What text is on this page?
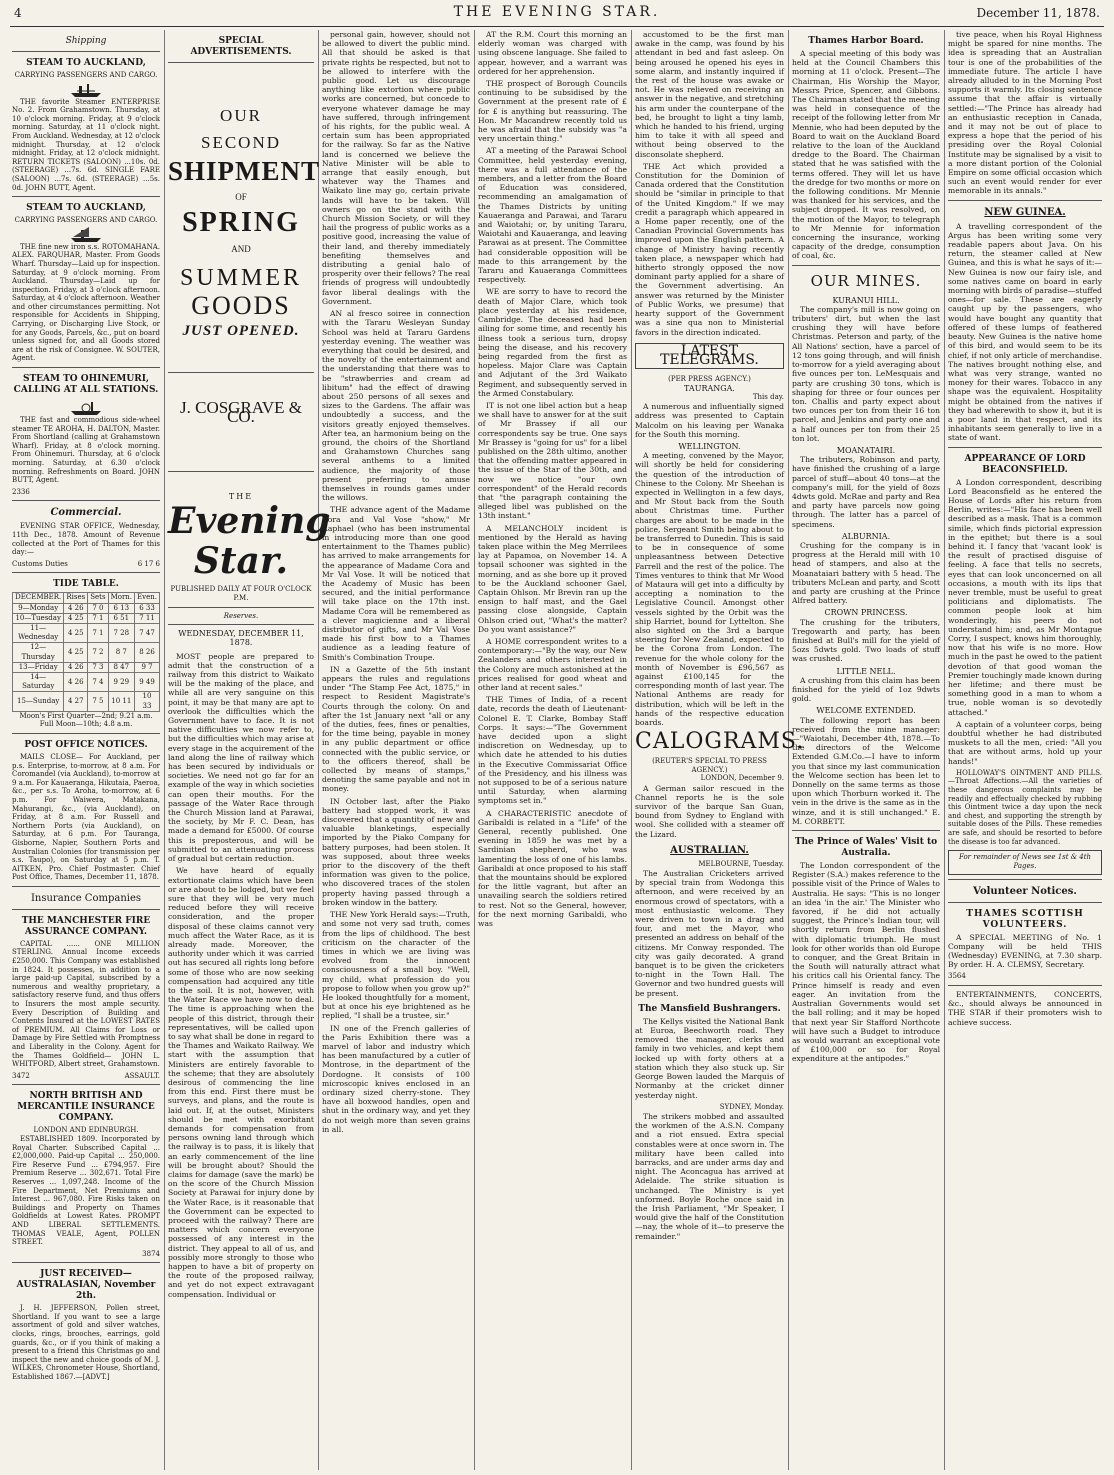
4	THE EVENING STAR.	December 11, 1878.
Shipping
STEAM TO AUCKLAND,
CARRYING PASSENGERS AND CARGO.

THE favorite Steamer ENTERPRISE No. 2. From Grahamstown. Thursday, at 10 o'clock morning. Friday, at 9 o'clock morning. Saturday, at 11 o'clock night. From Auckland. Wednesday, at 12 o'clock midnight. Thursday, at 12 o'clock midnight. Friday, at 12 o'clock midnight. RETURN TICKETS (SALOON) ...10s. 0d. (STEERAGE) ...7s. 6d. SINGLE FARE (SALOON) ...7s. 6d. (STEERAGE) ...5s. 0d. JOHN BUTT, Agent.

STEAM TO AUCKLAND,
CARRYING PASSENGERS AND CARGO.

THE fine new iron s.s. ROTOMAHANA. ALEX. FARQUHAR, Master. From Goods Wharf. Thursday—Laid up for inspection. Saturday, at 9 o'clock morning. From Auckland. Thursday—Laid up for inspection. Friday, at 3 o'clock afternoon. Saturday, at 4 o'clock afternoon. Weather and other circumstances permitting. Not responsible for Accidents in Shipping, Carrying, or Discharging Live Stock, or for any Goods, Parcels, &c., put on board unless signed for, and all Goods stored are at the risk of Consignee. W. SOUTER, Agent.

STEAM TO OHINEMURI, CALLING AT ALL STATIONS.

THE fast and commodious side-wheel steamer TE AROHA, H. DALTON, Master. From Shortland (calling at Grahamstown Wharf). Friday, at 8 o'clock morning. From Ohinemuri. Thursday, at 6 o'clock morning. Saturday, at 6.30 o'clock morning. Refreshments on Board. JOHN BUTT, Agent.

2336
Commercial.

EVENING STAR OFFICE, Wednesday, 11th Dec., 1878. Amount of Revenue collected at the Port of Thames for this day:—

Customs Duties	6 17 6
TIDE TABLE.
DECEMBER.	Rises	Sets	Morn.	Even.
9—Monday	4 26	7 0	6 13	6 33
10—Tuesday	4 25	7 1	6 51	7 11
11—Wednesday	4 25	7 1	7 28	7 47
12—Thursday	4 25	7 2	8 7	8 26
13—Friday	4 26	7 3	8 47	9 7
14—Saturday	4 26	7 4	9 29	9 49
15—Sunday	4 27	7 5	10 11	10 33
Moon's First Quarter—2nd; 9.21 a.m. Full Moon—10th; 4.8 a.m.
POST OFFICE NOTICES.

MAILS CLOSE— For Auckland, per p.s. Enterprise, to-morrow, at 8 a.m. For Coromandel (via Auckland), to-morrow at 9 a.m. For Kauaeranga, Hikutaia, Paeroa, &c., per s.s. To Aroha, to-morrow, at 6 p.m. For Waiwera, Matakana, Mahurangi, &c., (via Auckland), on Friday, at 8 a.m. For Russell and Northern Ports (via Auckland), on Saturday, at 6 p.m. For Tauranga, Gisborne, Napier, Southern Ports and Australian Colonies (for transmission per s.s. Taupo), on Saturday at 5 p.m. T. AITKEN, Pro. Chief Postmaster. Chief Post Office, Thames, December 11, 1878.

Insurance Companies
THE MANCHESTER FIRE ASSURANCE COMPANY.

CAPITAL ...... ONE MILLION STERLING. Annual Income exceeds £250,000. This Company was established in 1824. It possesses, in addition to a large paid-up Capital, subscribed by a numerous and wealthy proprietary, a satisfactory reserve fund, and thus offers to Insurers the most ample security. Every Description of Building and Contents Insured at the LOWEST RATES of PREMIUM. All Claims for Loss or Damage by Fire Settled with Promptness and Liberality in the Colony. Agent for the Thames Goldfield— JOHN L. WHITFORD, Albert street, Grahamstown.

3472	ASSAULT.
NORTH BRITISH AND MERCANTILE INSURANCE COMPANY.
LONDON AND EDINBURGH.

ESTABLISHED 1809. Incorporated by Royal Charter. Subscribed Capital ... £2,000,000. Paid-up Capital ... 250,000. Fire Reserve Fund ... £794,957. Fire Premium Reserve ... 302,671. Total Fire Reserves ... 1,097,248. Income of the Fire Department, Net Premiums and Interest ... 967,080. Fire Risks taken on Buildings and Property on Thames Goldfields at Lowest Rates. PROMPT AND LIBERAL SETTLEMENTS. THOMAS VEALE, Agent, POLLEN STREET.

3874
JUST RECEIVED— AUSTRALASIAN, November 2th.

J. H. JEFFERSON, Pollen street, Shortland. If you want to see a large assortment of gold and silver watches, clocks, rings, brooches, earrings, gold guards, &c., or if you think of making a present to a friend this Christmas go and inspect the new and choice goods of M. J. WILKES, Chronometer House, Shortland, Established 1867.—[ADVT.]

SPECIAL ADVERTISEMENTS.
OUR
SECOND
SHIPMENT
OF
SPRING
AND
SUMMER
GOODS
JUST OPENED.
J. COSGRAVE & CO.
THE
Evening Star.
PUBLISHED DAILY AT FOUR O'CLOCK P.M.
Reserves.
WEDNESDAY, DECEMBER 11, 1878.

MOST people are prepared to admit that the construction of a railway from this district to Waikato will be the making of the place, and while all are very sanguine on this point, it may be that many are apt to overlook the difficulties which the Government have to face. It is not native difficulties we now refer to, but the difficulties which may arise at every stage in the acquirement of the land along the line of railway which has been secured by individuals or societies. We need not go far for an example of the way in which societies can open their mouths. For the passage of the Water Race through the Church Mission land at Parawai, the society, by Mr F. C. Dean, has made a demand for £5000. Of course this is preposterous, and will be submitted to an attenuating process of gradual but certain reduction.

We have heard of equally extortionate claims which have been or are about to be lodged, but we feel sure that they will be very much reduced before they will receive consideration, and the proper disposal of these claims cannot very much affect the Water Race, as it is already made. Moreover, the authority under which it was carried out has secured all rights long before some of those who are now seeking compensation had acquired any title to the soil. It is not, however, with the Water Race we have now to deal. The time is approaching when the people of this district, through their representatives, will be called upon to say what shall be done in regard to the Thames and Waikato Railway. We start with the assumption that Ministers are entirely favorable to the scheme; that they are absolutely desirous of commencing the line from this end. First there must be surveys, and plans, and the route is laid out. If, at the outset, Ministers should be met with exorbitant demands for compensation from persons owning land through which the railway is to pass, it is likely that an early commencement of the line will be brought about? Should the claims for damage (save the mark) be on the score of the Church Mission Society at Parawai for injury done by the Water Race, is it reasonable that the Government can be expected to proceed with the railway? There are matters which concern everyone possessed of any interest in the district. They appeal to all of us, and possibly more strongly to those who happen to have a bit of property on the route of the proposed railway, and yet do not expect extravagant compensation. Individual or

personal gain, however, should not be allowed to divert the public mind. All that should be asked is that private rights be respected, but not to be allowed to interfere with the public good. Let us discourage anything like extortion where public works are concerned, but concede to everyone whatever damage he may have suffered, through infringement of his rights, for the public weal. A certain sum has been appropriated for the railway. So far as the Native land is concerned we believe the Native Minister will be able to arrange that easily enough, but whatever way the Thames and Waikato line may go, certain private lands will have to be taken. Will owners go on the stand with the Church Mission Society, or will they hail the progress of public works as a positive good, increasing the value of their land, and thereby immediately benefiting themselves and distributing a genial halo of prosperity over their fellows? The real friends of progress will undoubtedly favor liberal dealings with the Government.

AN al fresco soiree in connection with the Tararu Wesleyan Sunday School was held at Tararu Gardens yesterday evening. The weather was everything that could be desired, and the novelty of the entertainment and the understanding that there was to be "strawberries and cream ad libitum" had the effect of drawing about 250 persons of all sexes and sizes to the Gardens. The affair was undoubtedly a success, and the visitors greatly enjoyed themselves. After tea, an harmonium being on the ground, the choirs of the Shortland and Grahamstown Churches sang several anthems to a limited audience, the majority of those present preferring to amuse themselves in rounds games under the willows.

THE advance agent of the Madame Cora and Val Vose "show," Mr Raphael (who has been instrumental in introducing more than one good entertainment to the Thames public) has arrived to make arrangements for the appearance of Madame Cora and Mr Val Vose. It will be noticed that the Academy of Music has been secured, and the initial performance will take place on the 17th inst. Madame Cora will be remembered as a clever magicienne and a liberal distributor of gifts, and Mr Val Vose made his first bow to a Thames audience as a leading feature of Smith's Combination Troupe.

IN a Gazette of the 5th instant appears the rules and regulations under "The Stamp Fee Act, 1875," in respect to Resident Magistrate's Courts through the colony. On and after the 1st January next "all or any of the duties, fees, fines or penalties, for the time being, payable in money in any public department or office connected with the public service, or to the officers thereof, shall be collected by means of stamps," denoting the same payable and not in money.

IN October last, after the Piako battery had stopped work, it was discovered that a quantity of new and valuable blanketings, especially imported by the Piako Company for battery purposes, had been stolen. It was supposed, about three weeks prior to the discovery of the theft information was given to the police, who discovered traces of the stolen property having passed through a broken window in the battery.

THE New York Herald says:—Truth, and some not very sad truth, comes from the lips of childhood. The best criticism on the character of the times in which we are living was evolved from the innocent consciousness of a small boy. "Well, my child, what profession do you propose to follow when you grow up?" He looked thoughtfully for a moment, but at once his eye brightened as he replied, "I shall be a trustee, sir."

IN one of the French galleries of the Paris Exhibition there was a marvel of labor and industry which has been manufactured by a cutler of Montrose, in the department of the Dordogne. It consists of 100 microscopic knives enclosed in an ordinary sized cherry-stone. They have all boxwood handles, open and shut in the ordinary way, and yet they do not weigh more than seven grains in all.

AT the R.M. Court this morning an elderly woman was charged with using obscene language. She failed to appear, however, and a warrant was ordered for her apprehension.

THE prospect of Borough Councils continuing to be subsidised by the Government at the present rate of £ for £ is anything but reassuring. The Hon. Mr Macandrew recently told us he was afraid that the subsidy was "a very uncertain thing."

AT a meeting of the Parawai School Committee, held yesterday evening, there was a full attendance of the members, and a letter from the Board of Education was considered, recommending an amalgamation of the Thames Districts by uniting Kauaeranga and Parawai, and Tararu and Waiotahi; or, by uniting Tararu, Waiotahi and Kauaeranga, and leaving Parawai as at present. The Committee had considerable opposition will be made to this arrangement by the Tararu and Kauaeranga Committees respectively.

WE are sorry to have to record the death of Major Clare, which took place yesterday at his residence, Cambridge. The deceased had been ailing for some time, and recently his illness took a serious turn, dropsy being the disease, and his recovery being regarded from the first as hopeless. Major Clare was Captain and Adjutant of the 3rd Waikato Regiment, and subsequently served in the Armed Constabulary.

IT is not one libel action but a heap we shall have to answer for at the suit of Mr Brassey if all our correspondents say be true. One says Mr Brassey is "going for us" for a libel published on the 28th ultimo, another that the offending matter appeared in the issue of the Star of the 30th, and now we notice "our own correspondent" of the Herald records that "the paragraph containing the alleged libel was published on the 13th instant."

A MELANCHOLY incident is mentioned by the Herald as having taken place within the Meg Merrilees lay at Papamoa, on November 14. A topsail schooner was sighted in the morning, and as she bore up it proved to be the Auckland schooner Gael, Captain Ohlson. Mr Brevin ran up the ensign to half mast, and the Gael passing close alongside, Captain Ohlson cried out, "What's the matter? Do you want assistance?"

A HOME correspondent writes to a contemporary:—"By the way, our New Zealanders and others interested in the Colony are much astonished at the prices realised for good wheat and other land at recent sales."

THE Times of India, of a recent date, records the death of Lieutenant-Colonel E. T. Clarke, Bombay Staff Corps. It says:—"The Government have decided upon a slight indiscretion on Wednesday, up to which date he attended to his duties in the Executive Commissariat Office of the Presidency, and his illness was not supposed to be of a serious nature until Saturday, when alarming symptoms set in."

A CHARACTERISTIC anecdote of Garibaldi is related in a "Life" of the General, recently published. One evening in 1859 he was met by a Sardinian shepherd, who was lamenting the loss of one of his lambs. Garibaldi at once proposed to his staff that the mountains should be explored for the little vagrant, but after an unavailing search the soldiers retired to rest. Not so the General, however, for the next morning Garibaldi, who was

accustomed to be the first man awake in the camp, was found by his attendant in bed and fast asleep. On being aroused he opened his eyes in some alarm, and instantly inquired if the rest of the house was awake or not. He was relieved on receiving an answer in the negative, and stretching his arm under the counterpane of the bed, he brought to light a tiny lamb, which he handed to his friend, urging him to take it with all speed and without being observed to the disconsolate shepherd.

THE Act which provided a Constitution for the Dominion of Canada ordered that the Constitution should be "similar in principle to that of the United Kingdom." If we may credit a paragraph which appeared in a Home paper recently, one of the Canadian Provincial Governments has improved upon the English pattern. A change of Ministry having recently taken place, a newspaper which had hitherto strongly opposed the now dominant party applied for a share of the Government advertising. An answer was returned by the Minister of Public Works, we presume) that hearty support of the Government was a sine qua non to Ministerial favors in the direction indicated.

LATEST TELEGRAMS.
(PER PRESS AGENCY.)
TAURANGA.
This day.

A numerous and influentially signed address was presented to Captain Malcolm on his leaving per Wanaka for the South this morning.

WELLINGTON.

A meeting, convened by the Mayor, will shortly be held for considering the question of the introduction of Chinese to the Colony. Mr Sheehan is expected in Wellington in a few days, and Mr Stout back from the South about Christmas time. Further charges are about to be made in the police, Sergeant Smith being about to be transferred to Dunedin. This is said to be in consequence of some unpleasantness between Detective Farrell and the rest of the police. The Times ventures to think that Mr Wood of Mataura will get into a difficulty by accepting a nomination to the Legislative Council. Amongst other vessels sighted by the Orbit was the ship Harriet, bound for Lyttelton. She also sighted on the 3rd a barque steering for New Zealand, expected to be the Corona from London. The revenue for the whole colony for the month of November is £96,567 as against £100,145 for the corresponding month of last year. The National Anthems are ready for distribution, which will be left in the hands of the respective education boards.

CALOGRAMS.
(REUTER'S SPECIAL TO PRESS AGENCY.)
LONDON, December 9.

A German sailor rescued in the Channel reports he is the sole survivor of the barque San Guan, bound from Sydney to England with wool. She collided with a steamer off the Lizard.

AUSTRALIAN.
MELBOURNE, Tuesday.

The Australian Cricketers arrived by special train from Wodonga this afternoon, and were received by an enormous crowd of spectators, with a most enthusiastic welcome. They were driven to town in a drag and four, and met the Mayor, who presented an address on behalf of the citizens. Mr Conway responded. The city was gaily decorated. A grand banquet is to be given the cricketers to-night in the Town Hall. The Governor and two hundred guests will be present.

The Mansfield Bushrangers.

The Kellys visited the National Bank at Euroa, Beechworth road. They removed the manager, clerks and family in two vehicles, and kept them locked up with forty others at a station which they also stuck up. Sir George Bowen lauded the Marquis of Normanby at the cricket dinner yesterday night.

SYDNEY, Monday.

The strikers mobbed and assaulted the workmen of the A.S.N. Company and a riot ensued. Extra special constables were at once sworn in. The military have been called into barracks, and are under arms day and night. The Aconcagua has arrived at Adelaide. The strike situation is unchanged. The Ministry is yet unformed. Boyle Roche once said in the Irish Parliament, "Mr Speaker, I would give the half of the Constitution—nay, the whole of it—to preserve the remainder."

Thames Harbor Board.

A special meeting of this body was held at the Council Chambers this morning at 11 o'clock. Present—The Chairman, His Worship the Mayor, Messrs Price, Spencer, and Gibbons. The Chairman stated that the meeting was held in consequence of the receipt of the following letter from Mr Mennie, who had been deputed by the Board to wait on the Auckland Board relative to the loan of the Auckland dredge to the Board. The Chairman stated that he was satisfied with the terms offered. They will let us have the dredge for two months or more on the following conditions. Mr Mennie was thanked for his services, and the subject dropped. It was resolved, on the motion of the Mayor, to telegraph to Mr Mennie for information concerning the insurance, working capacity of the dredge, consumption of coal, &c.

OUR MINES.
KURANUI HILL.

The company's mill is now going on tributers' dirt, but when the last crushing they will have before Christmas. Peterson and party, of the All Nations' section, have a parcel of 12 tons going through, and will finish to-morrow for a yield averaging about five ounces per ton. LeMesquais and party are crushing 30 tons, which is shaping for three or four ounces per ton. Challis and party expect about two ounces per ton from their 16 ton parcel, and Jenkins and party one and a half ounces per ton from their 25 ton lot.

MOANATAIRI.

The tributers, Robinson and party, have finished the crushing of a large parcel of stuff—about 40 tons—at the company's mill, for the yield of 8ozs 4dwts gold. McRae and party and Rea and party have parcels now going through. The latter has a parcel of specimens.

ALBURNIA.

Crushing for the company is in progress at the Herald mill with 10 head of stampers, and also at the Moanataiari battery with 5 head. The tributers McLean and party, and Scott and party are crushing at the Prince Alfred battery.

CROWN PRINCESS.

The crushing for the tributers, Tregowarth and party, has been finished at Bull's mill for the yield of 5ozs 5dwts gold. Two loads of stuff was crushed.

LITTLE NELL.

A crushing from this claim has been finished for the yield of 1oz 9dwts gold.

WELCOME EXTENDED.

The following report has been received from the mine manager:—"Waiotahi, December 4th, 1878.—To the directors of the Welcome Extended G.M.Co.—I have to inform you that since my last communication the Welcome section has been let to Donnelly on the same terms as those upon which Thorburn worked it. The vein in the drive is the same as in the winze, and it is still unchanged." E. M. CORBETT.

The Prince of Wales' Visit to Australia.

The London correspondent of the Register (S.A.) makes reference to the possible visit of the Prince of Wales to Australia. He says: "This is no longer an idea 'in the air.' The Minister who favored, if he did not actually suggest, the Prince's Indian tour, will shortly return from Berlin flushed with diplomatic triumph. He must look for other worlds than old Europe to conquer, and the Great Britain in the South will naturally attract what his critics call his Oriental fancy. The Prince himself is ready and even eager. An invitation from the Australian Governments would set the ball rolling; and it may be hoped that next year Sir Stafford Northcote will have such a Budget to introduce as would warrant an exceptional vote of £100,000 or so for Royal expenditure at the antipodes."

tive peace, when his Royal Highness might be spared for nine months. The idea is spreading that an Australian tour is one of the probabilities of the immediate future. The article I have already alluded to in the Morning Post supports it warmly. Its closing sentence assume that the affair is virtually settled:—"The Prince has already had an enthusiastic reception in Canada, and it may not be out of place to express a hope that the period of his presiding over the Royal Colonial Institute may be signalised by a visit to a more distant portion of the Colonial Empire on some official occasion which such an event would render for ever memorable in its annals."

NEW GUINEA.

A travelling correspondent of the Argus has been writing some very readable papers about Java. On his return, the steamer called at New Guinea, and this is what he says of it:—New Guinea is now our fairy isle, and some natives came on board in early morning with birds of paradise—stuffed ones—for sale. These are eagerly caught up by the passengers, who would have bought any quantity that offered of these lumps of feathered beauty. New Guinea is the native home of this bird, and would seem to be its chief, if not only article of merchandise. The natives brought nothing else, and what was very strange, wanted no money for their wares. Tobacco in any shape was the equivalent. Hospitality might be obtained from the natives if they had wherewith to show it, but it is a poor land in that respect, and its inhabitants seem generally to live in a state of want.

APPEARANCE OF LORD BEACONSFIELD.

A London correspondent, describing Lord Beaconsfield as he entered the House of Lords after his return from Berlin, writes:—"His face has been well described as a mask. That is a common simile, which finds pictorial expression in the epithet; but there is a soul behind it. I fancy that 'vacant look' is the result of practised disguise of feeling. A face that tells no secrets, eyes that can look unconcerned on all occasions, a mouth with its lips that never tremble, must be useful to great politicians and diplomatists. The common people look at him wonderingly, his peers do not understand him; and, as Mr Montague Corry, I suspect, knows him thoroughly, now that his wife is no more. How much in the past he owed to the patient devotion of that good woman the Premier touchingly made known during her lifetime; and there must be something good in a man to whom a true, noble woman is so devotedly attached."

A captain of a volunteer corps, being doubtful whether he had distributed muskets to all the men, cried: "All you that are without arms, hold up your hands!"

HOLLOWAY'S OINTMENT AND PILLS.—Throat Affections.—All the varieties of these dangerous complaints may be readily and effectually checked by rubbing this Ointment twice a day upon the neck and chest, and supporting the strength by suitable doses of the Pills. These remedies are safe, and should be resorted to before the disease is too far advanced.

For remainder of News see 1st & 4th Pages.
Volunteer Notices.
THAMES SCOTTISH VOLUNTEERS.

A SPECIAL MEETING of No. 1 Company will be held THIS (Wednesday) EVENING, at 7.30 sharp. By order. H. A. CLEMSY, Secretary.

3564

ENTERTAINMENTS, CONCERTS, &c., should always be announced in THE STAR if their promoters wish to achieve success.
